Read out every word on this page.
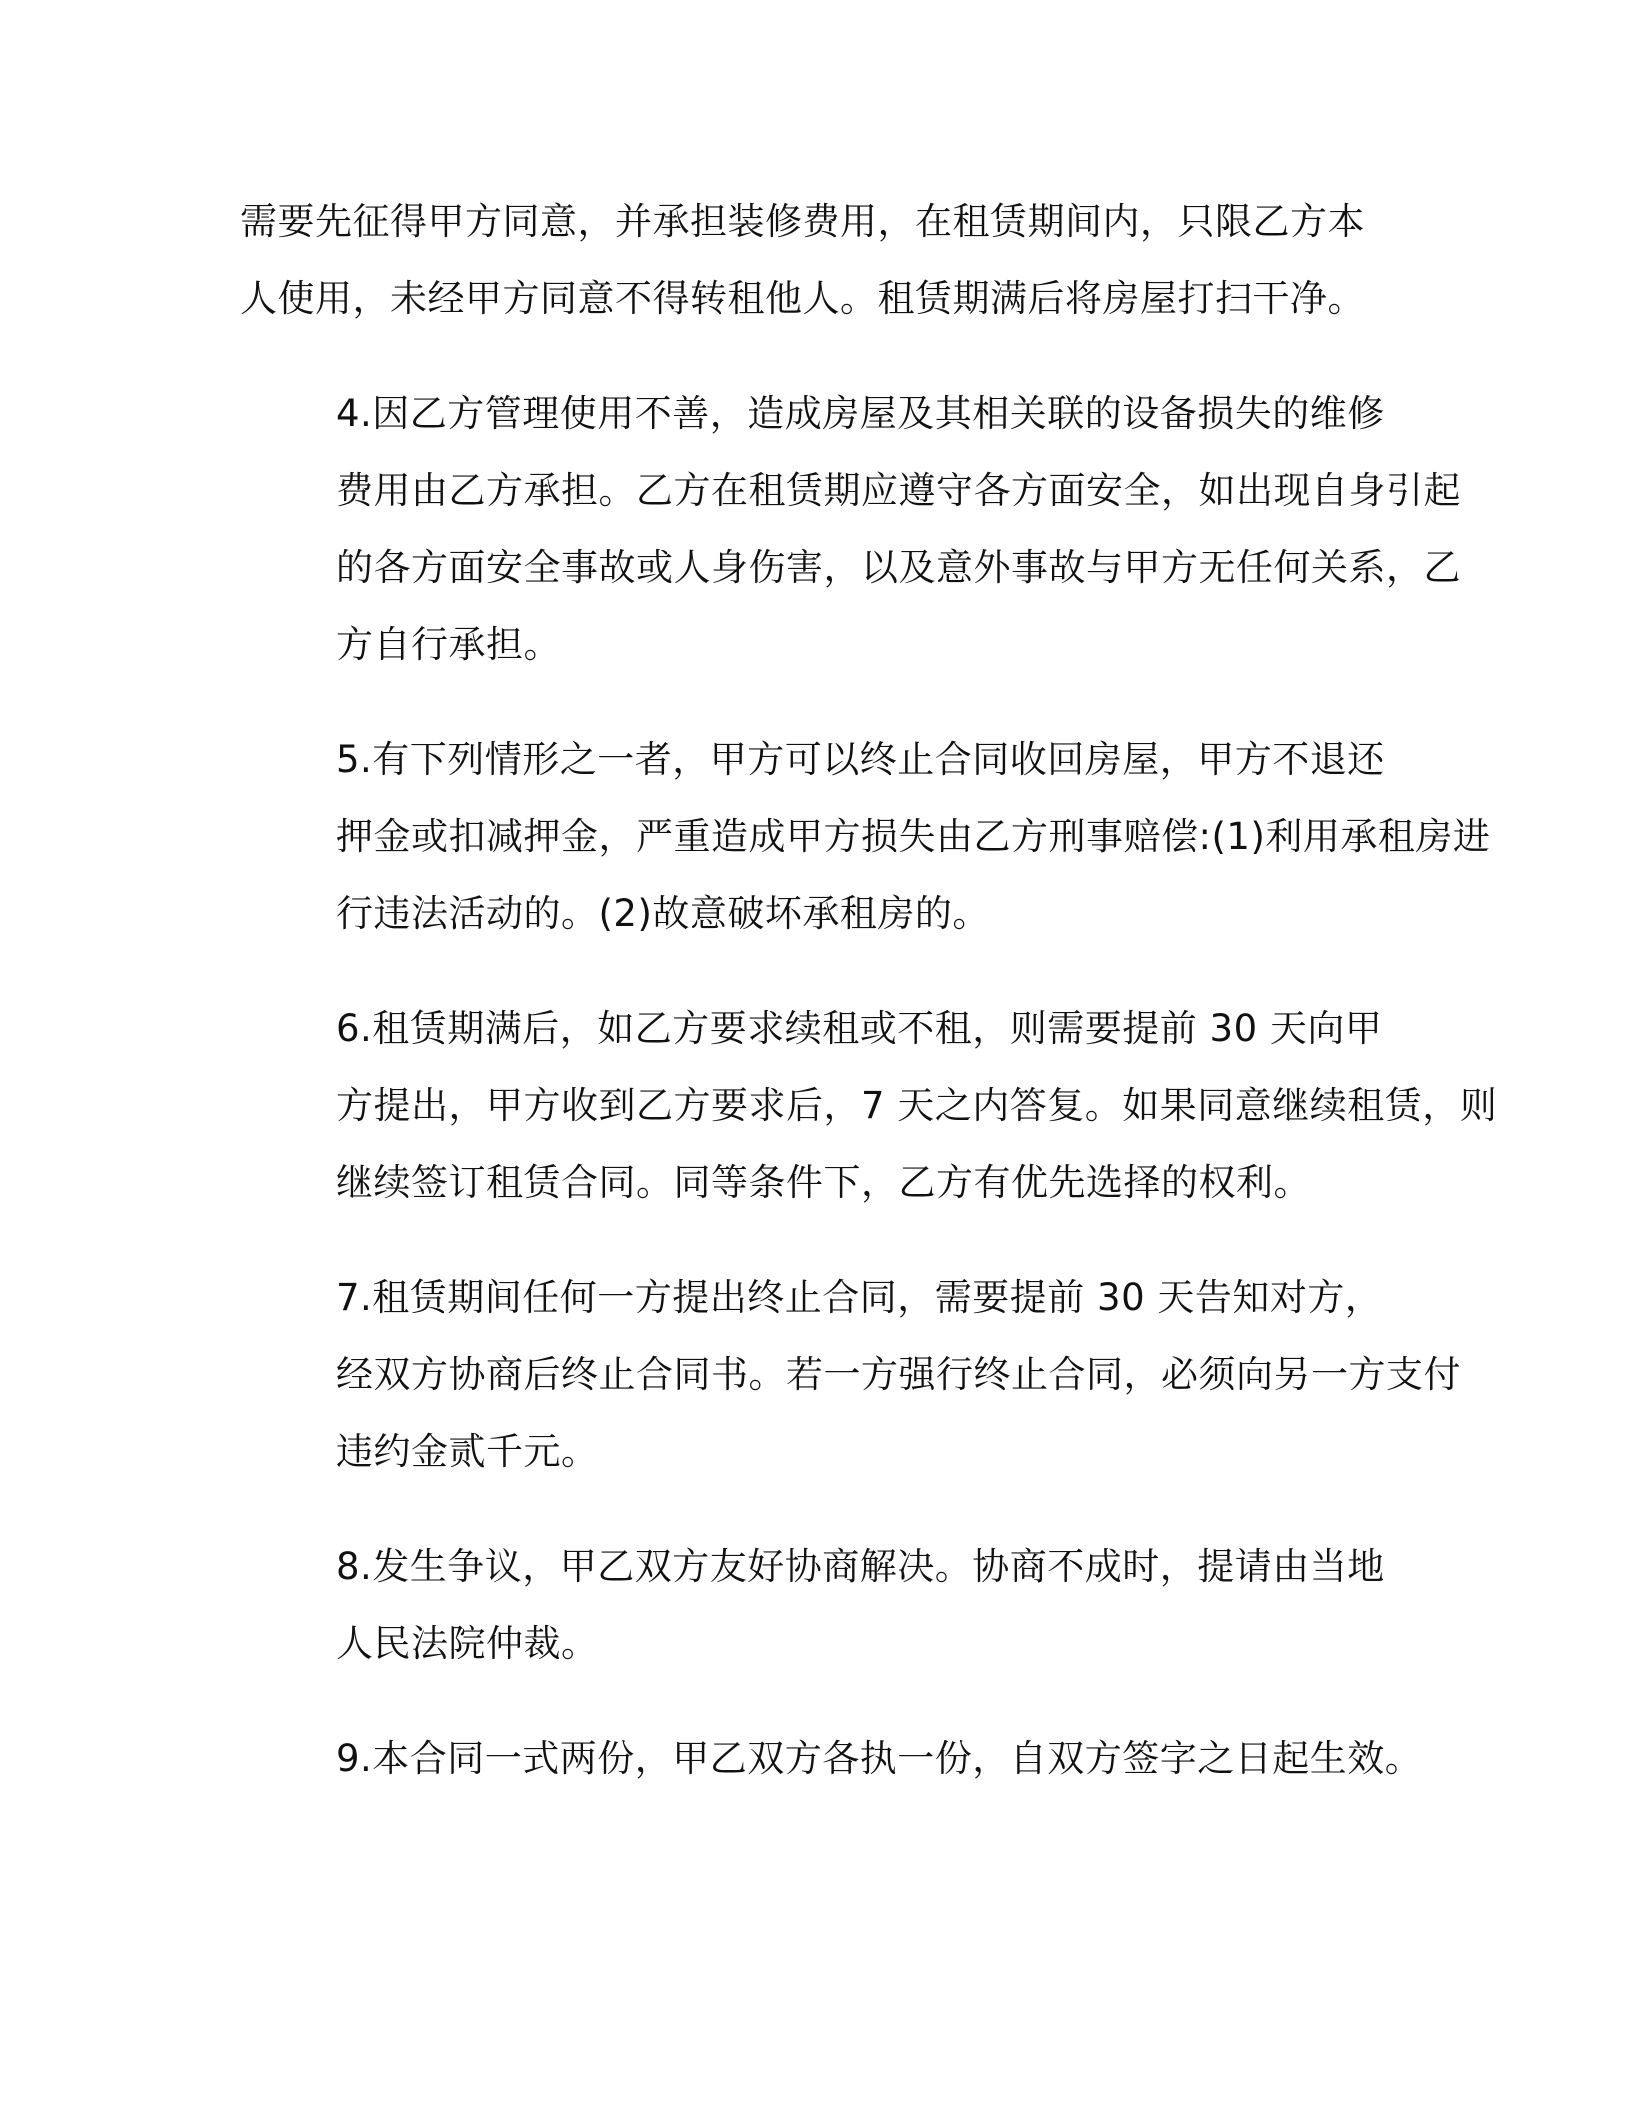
需要先征得甲方同意，并承担装修费用，在租赁期间内，只限乙方本
人使用，未经甲方同意不得转租他人。租赁期满后将房屋打扫干净。

4.因乙方管理使用不善，造成房屋及其相关联的设备损失的维修
费用由乙方承担。乙方在租赁期应遵守各方面安全，如出现自身引起
的各方面安全事故或人身伤害，以及意外事故与甲方无任何关系，乙
方自行承担。

5.有下列情形之一者，甲方可以终止合同收回房屋，甲方不退还
押金或扣减押金，严重造成甲方损失由乙方刑事赔偿:(1)利用承租房进
行违法活动的。(2)故意破坏承租房的。

6.租赁期满后，如乙方要求续租或不租，则需要提前 30 天向甲
方提出，甲方收到乙方要求后，7 天之内答复。如果同意继续租赁，则
继续签订租赁合同。同等条件下，乙方有优先选择的权利。

7.租赁期间任何一方提出终止合同，需要提前 30 天告知对方，
经双方协商后终止合同书。若一方强行终止合同，必须向另一方支付
违约金贰千元。

8.发生争议，甲乙双方友好协商解决。协商不成时，提请由当地
人民法院仲裁。

9.本合同一式两份，甲乙双方各执一份，自双方签字之日起生效。
